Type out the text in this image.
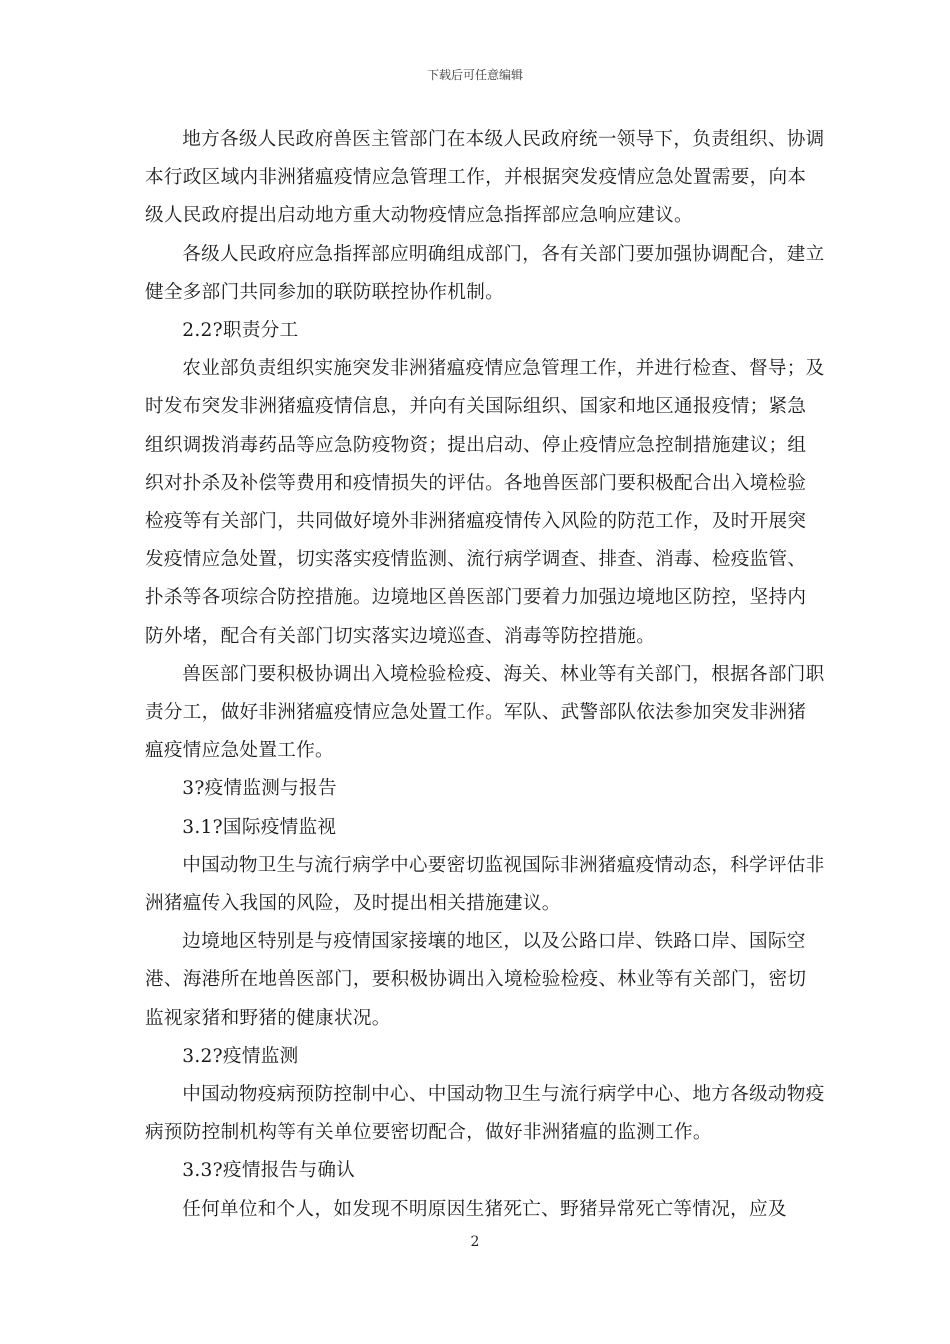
下载后可任意编辑

地方各级人民政府兽医主管部门在本级人民政府统一领导下，负责组织、协调本行政区域内非洲猪瘟疫情应急管理工作，并根据突发疫情应急处置需要，向本级人民政府提出启动地方重大动物疫情应急指挥部应急响应建议。

各级人民政府应急指挥部应明确组成部门，各有关部门要加强协调配合，建立健全多部门共同参加的联防联控协作机制。

2.2?职责分工

农业部负责组织实施突发非洲猪瘟疫情应急管理工作，并进行检查、督导；及时发布突发非洲猪瘟疫情信息，并向有关国际组织、国家和地区通报疫情；紧急组织调拨消毒药品等应急防疫物资；提出启动、停止疫情应急控制措施建议；组织对扑杀及补偿等费用和疫情损失的评估。各地兽医部门要积极配合出入境检验检疫等有关部门，共同做好境外非洲猪瘟疫情传入风险的防范工作，及时开展突发疫情应急处置，切实落实疫情监测、流行病学调查、排查、消毒、检疫监管、扑杀等各项综合防控措施。边境地区兽医部门要着力加强边境地区防控，坚持内防外堵，配合有关部门切实落实边境巡查、消毒等防控措施。

兽医部门要积极协调出入境检验检疫、海关、林业等有关部门，根据各部门职责分工，做好非洲猪瘟疫情应急处置工作。军队、武警部队依法参加突发非洲猪瘟疫情应急处置工作。

3?疫情监测与报告

3.1?国际疫情监视

中国动物卫生与流行病学中心要密切监视国际非洲猪瘟疫情动态，科学评估非洲猪瘟传入我国的风险，及时提出相关措施建议。

边境地区特别是与疫情国家接壤的地区，以及公路口岸、铁路口岸、国际空港、海港所在地兽医部门，要积极协调出入境检验检疫、林业等有关部门，密切监视家猪和野猪的健康状况。

3.2?疫情监测

中国动物疫病预防控制中心、中国动物卫生与流行病学中心、地方各级动物疫病预防控制机构等有关单位要密切配合，做好非洲猪瘟的监测工作。

3.3?疫情报告与确认

任何单位和个人，如发现不明原因生猪死亡、野猪异常死亡等情况，应及

2
